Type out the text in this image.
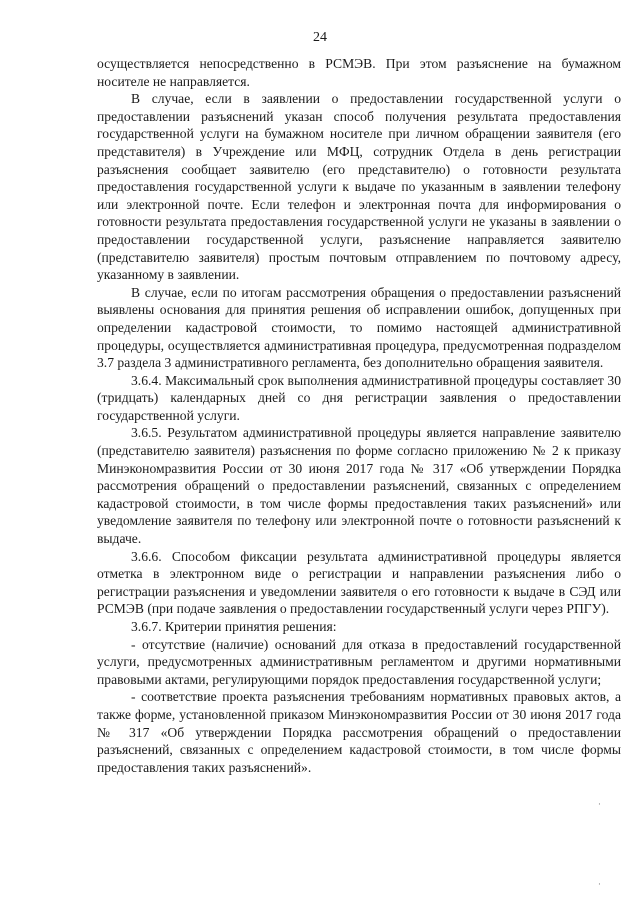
24

осуществляется непосредственно в РСМЭВ. При этом разъяснение на бумажном носителе не направляется.

В случае, если в заявлении о предоставлении государственной услуги о предоставлении разъяснений указан способ получения результата предоставления государственной услуги на бумажном носителе при личном обращении заявителя (его представителя) в Учреждение или МФЦ, сотрудник Отдела в день регистрации разъяснения сообщает заявителю (его представителю) о готовности результата предоставления государственной услуги к выдаче по указанным в заявлении телефону или электронной почте. Если телефон и электронная почта для информирования о готовности результата предоставления государственной услуги не указаны в заявлении о предоставлении государственной услуги, разъяснение направляется заявителю (представителю заявителя) простым почтовым отправлением по почтовому адресу, указанному в заявлении.

В случае, если по итогам рассмотрения обращения о предоставлении разъяснений выявлены основания для принятия решения об исправлении ошибок, допущенных при определении кадастровой стоимости, то помимо настоящей административной процедуры, осуществляется административная процедура, предусмотренная подразделом 3.7 раздела 3 административного регламента, без дополнительно обращения заявителя.

3.6.4. Максимальный срок выполнения административной процедуры составляет 30 (тридцать) календарных дней со дня регистрации заявления о предоставлении государственной услуги.

3.6.5. Результатом административной процедуры является направление заявителю (представителю заявителя) разъяснения по форме согласно приложению № 2 к приказу Минэкономразвития России от 30 июня 2017 года № 317 «Об утверждении Порядка рассмотрения обращений о предоставлении разъяснений, связанных с определением кадастровой стоимости, в том числе формы предоставления таких разъяснений» или уведомление заявителя по телефону или электронной почте о готовности разъяснений к выдаче.

3.6.6. Способом фиксации результата административной процедуры является отметка в электронном виде о регистрации и направлении разъяснения либо о регистрации разъяснения и уведомлении заявителя о его готовности к выдаче в СЭД или РСМЭВ (при подаче заявления о предоставлении государственный услуги через РПГУ).

3.6.7. Критерии принятия решения:

- отсутствие (наличие) оснований для отказа в предоставлений государственной услуги, предусмотренных административным регламентом и другими нормативными правовыми актами, регулирующими порядок предоставления государственной услуги;

- соответствие проекта разъяснения требованиям нормативных правовых актов, а также форме, установленной приказом Минэкономразвития России от 30 июня 2017 года № 317 «Об утверждении Порядка рассмотрения обращений о предоставлении разъяснений, связанных с определением кадастровой стоимости, в том числе формы предоставления таких разъяснений».

·
·
